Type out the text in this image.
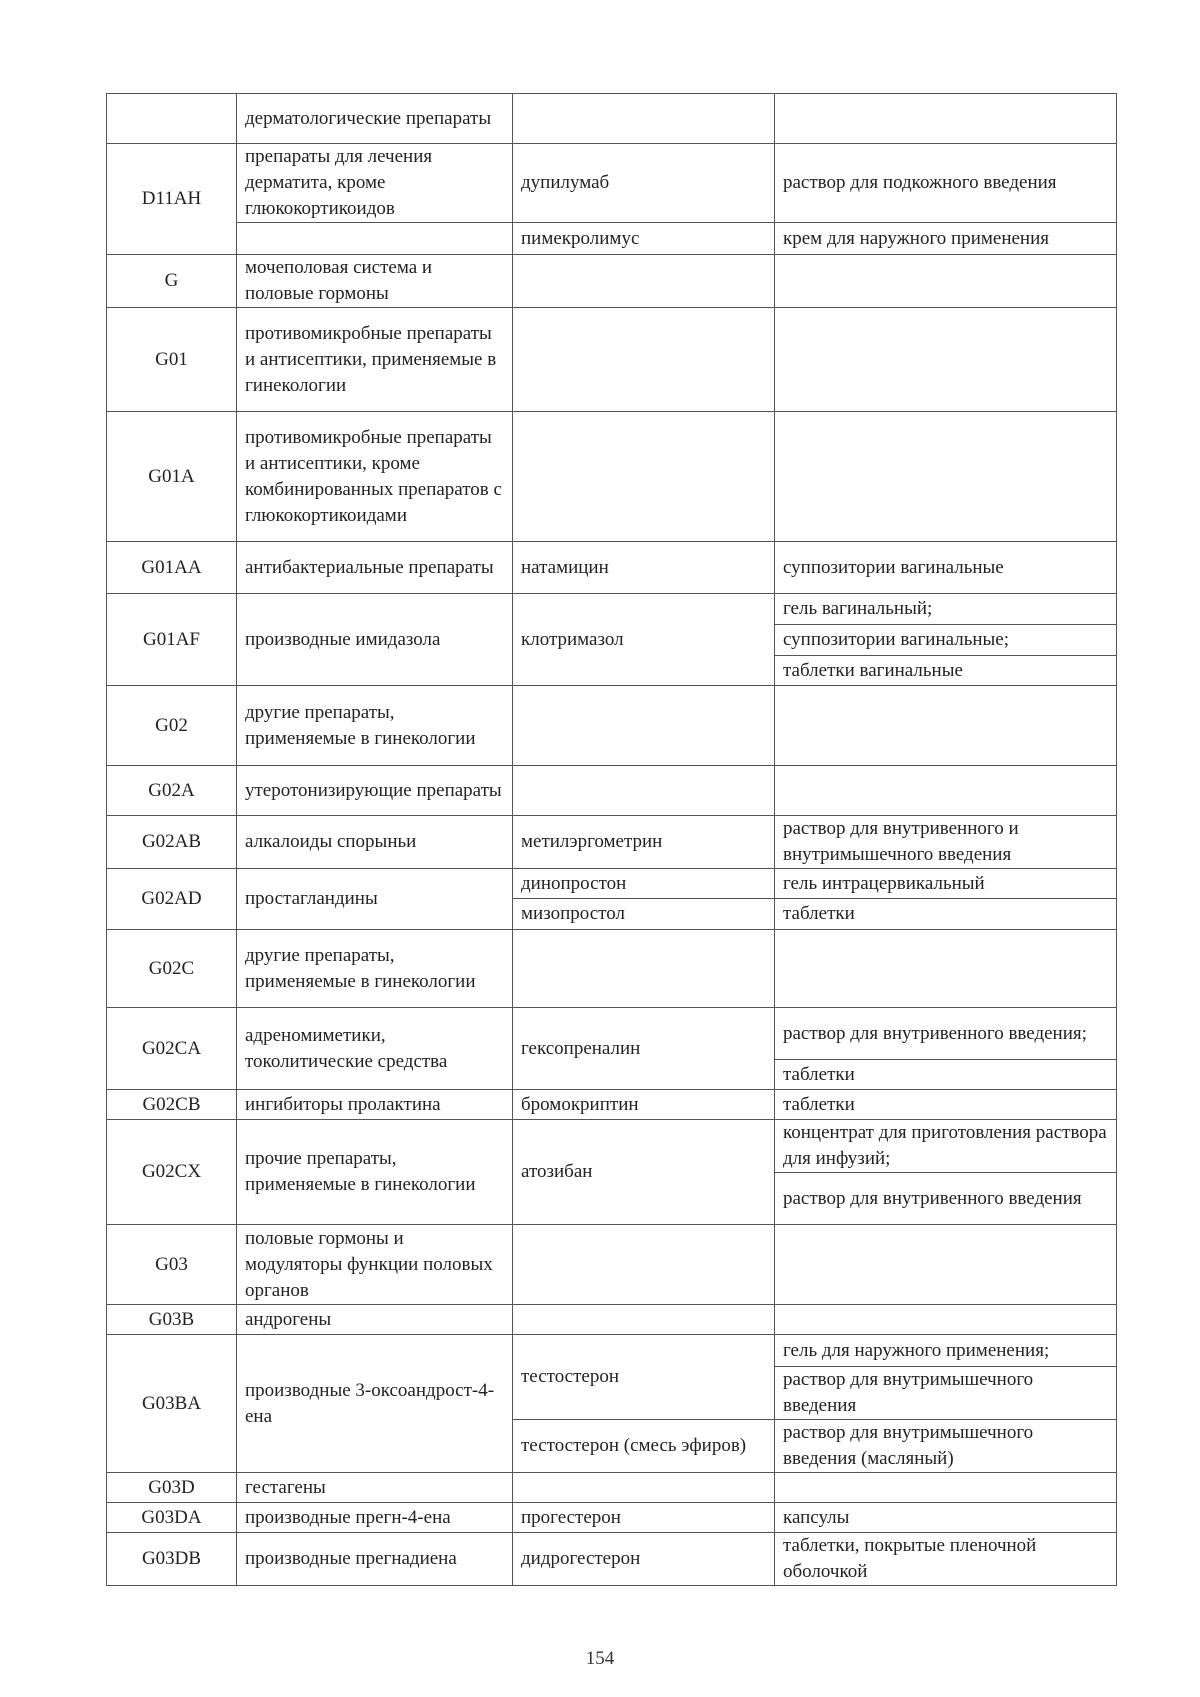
	дерматологические препараты		
D11AH	препараты для лечения дерматита, кроме глюкокортикоидов	дупилумаб	раствор для подкожного введения
		пимекролимус	крем для наружного применения
G	мочеполовая система и половые гормоны		
G01	противомикробные препараты и антисептики, применяемые в гинекологии		
G01A	противомикробные препараты и антисептики, кроме комбинированных препаратов с глюкокортикоидами		
G01AA	антибактериальные препараты	натамицин	суппозитории вагинальные
G01AF	производные имидазола	клотримазол	гель вагинальный;
			суппозитории вагинальные;
			таблетки вагинальные
G02	другие препараты, применяемые в гинекологии		
G02A	утеротонизирующие препараты		
G02AB	алкалоиды спорыньи	метилэргометрин	раствор для внутривенного и внутримышечного введения
G02AD	простагландины	динопростон	гель интрацервикальный
		мизопростол	таблетки
G02C	другие препараты, применяемые в гинекологии		
G02CA	адреномиметики, токолитические средства	гексопреналин	раствор для внутривенного введения;
			таблетки
G02CB	ингибиторы пролактина	бромокриптин	таблетки
G02CX	прочие препараты, применяемые в гинекологии	атозибан	концентрат для приготовления раствора для инфузий;
			раствор для внутривенного введения
G03	половые гормоны и модуляторы функции половых органов		
G03B	андрогены		
G03BA	производные 3-оксоандрост-4-ена	тестостерон	гель для наружного применения;
			раствор для внутримышечного введения
		тестостерон (смесь эфиров)	раствор для внутримышечного введения (масляный)
G03D	гестагены		
G03DA	производные прегн-4-ена	прогестерон	капсулы
G03DB	производные прегнадиена	дидрогестерон	таблетки, покрытые пленочной оболочкой
154
